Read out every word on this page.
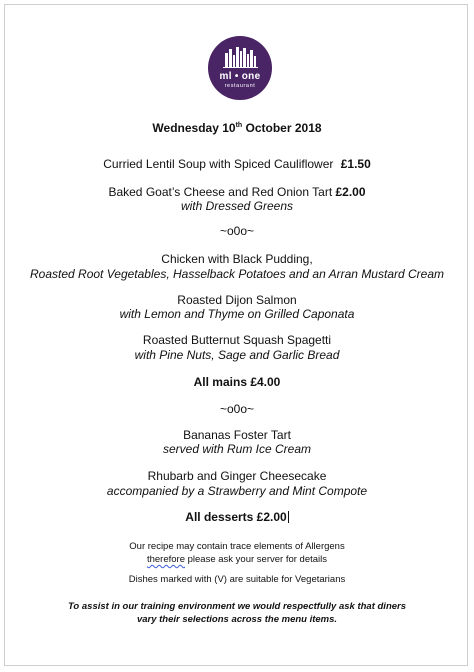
ml • one
restaurant
Wednesday 10th October 2018
Curried Lentil Soup with Spiced Cauliflower £1.50
Baked Goat’s Cheese and Red Onion Tart £2.00
with Dressed Greens
~o0o~
Chicken with Black Pudding,
Roasted Root Vegetables, Hasselback Potatoes and an Arran Mustard Cream
Roasted Dijon Salmon
with Lemon and Thyme on Grilled Caponata
Roasted Butternut Squash Spagetti
with Pine Nuts, Sage and Garlic Bread
All mains £4.00
~o0o~
Bananas Foster Tart
served with Rum Ice Cream
Rhubarb and Ginger Cheesecake
accompanied by a Strawberry and Mint Compote
All desserts £2.00
Our recipe may contain trace elements of Allergens
therefore please ask your server for details
Dishes marked with (V) are suitable for Vegetarians
To assist in our training environment we would respectfully ask that diners
vary their selections across the menu items.
